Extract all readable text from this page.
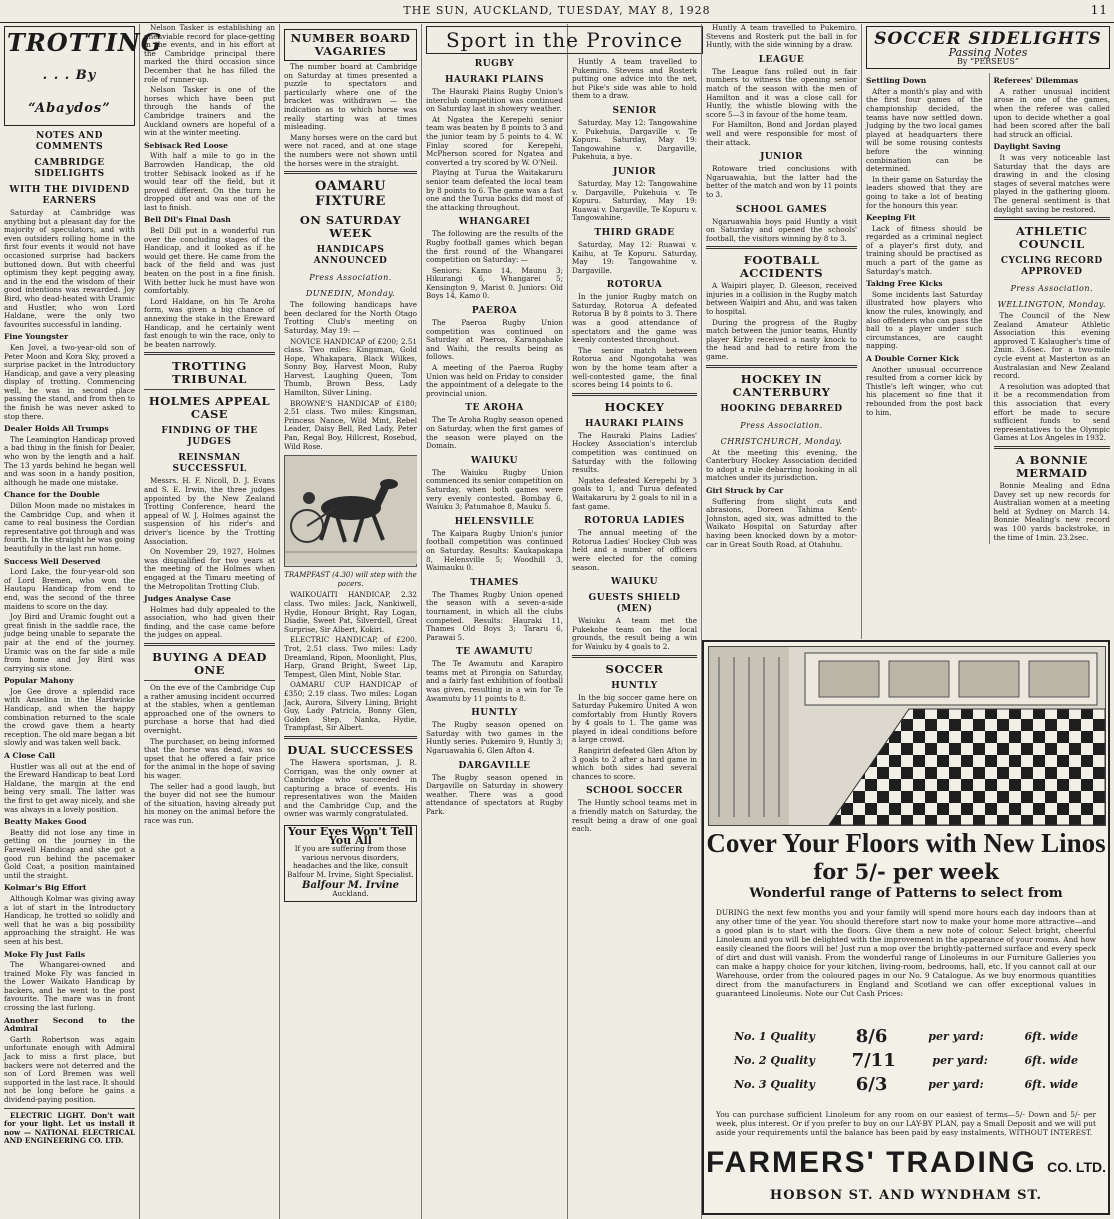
THE SUN, AUCKLAND, TUESDAY, MAY 8, 1928	11
TROTTING . . . By “Abaydos”
NOTES AND COMMENTS
CAMBRIDGE SIDELIGHTS
WITH THE DIVIDEND EARNERS

Saturday at Cambridge was anything but a pleasant day for the majority of speculators, and with even outsiders rolling home in the first four events it would not have occasioned surprise had backers buttoned down. But with cheerful optimism they kept pegging away, and in the end the wisdom of their good intentions was rewarded. Joy Bird, who dead-heated with Uramic and Hustler, who won Lord Haldane, were the only two favourites successful in landing.

Fine Youngster

Ken Jovel, a two-year-old son of Peter Moon and Kora Sky, proved a surprise packet in the Introductory Handicap, and gave a very pleasing display of trotting. Commencing well, he was in second place passing the stand, and from then to the finish he was never asked to stop there.

Dealer Holds All Trumps

The Leamington Handicap proved a bad thing in the finish for Dealer, who won by the length and a half. The 13 yards behind he began well and was soon in a handy position, although he made one mistake.

Chance for the Double

Dillon Moon made no mistakes in the Cambridge Cup, and when it came to real business the Cordian representative got through and was fourth. In the straight he was going beautifully in the last run home.

Success Well Deserved

Lord Lake, the four-year-old son of Lord Bremen, who won the Hautapu Handicap from end to end, was the second of the three maidens to score on the day.

Joy Bird and Uramic fought out a great finish in the saddle race, the judge being unable to separate the pair at the end of the journey. Uramic was on the far side a mile from home and Joy Bird was carrying six stone.

Popular Mahony

Joe Gee drove a splendid race with Anselina in the Hardwicke Handicap, and when the happy combination returned to the scale the crowd gave them a hearty reception. The old mare began a bit slowly and was taken well back.

A Close Call

Hustler was all out at the end of the Ereward Handicap to beat Lord Haldane, the margin at the end being very small. The latter was the first to get away nicely, and she was always in a lovely position.

Beatty Makes Good

Beatty did not lose any time in getting on the journey in the Farewell Handicap and she got a good run behind the pacemaker Gold Coat, a position maintained until the straight.

Kolmar's Big Effort

Although Kolmar was giving away a lot of start in the Introductory Handicap, he trotted so solidly and well that he was a big possibility approaching the straight. He was seen at his best.

Moke Fly Just Fails

The Whangarei-owned and trained Moke Fly was fancied in the Lower Waikato Handicap by backers, and he went to the post favourite. The mare was in front crossing the last furlong.

Another Second to the Admiral

Garth Robertson was again unfortunate enough with Admiral Jack to miss a first place, but backers were not deterred and the son of Lord Bremen was well supported in the last race. It should not be long before he gains a dividend-paying position.

ELECTRIC LIGHT. Don't wait for your light. Let us install it now — NATIONAL ELECTRICAL AND ENGINEERING CO. LTD.

Nelson Tasker is establishing an unenviable record for place-getting in the events, and in his effort at the Cambridge principal there marked the third occasion since December that he has filled the role of runner-up.

Nelson Tasker is one of the horses which have been put through the hands of the Cambridge trainers and the Auckland owners are hopeful of a win at the winter meeting.

Sebisack Red Loose

With half a mile to go in the Barrowden Handicap, the old trotter Sebisack looked as if he would tear off the field, but it proved different. On the turn he dropped out and was one of the last to finish.

Bell Dil's Final Dash

Bell Dill put in a wonderful run over the concluding stages of the Handicap, and it looked as if he would get there. He came from the back of the field and was just beaten on the post in a fine finish. With better luck he must have won comfortably.

Lord Haldane, on his Te Aroha form, was given a big chance of annexing the stake in the Ereward Handicap, and he certainly went fast enough to win the race, only to be beaten narrowly.

TROTTING TRIBUNAL
HOLMES APPEAL CASE
FINDING OF THE JUDGES
REINSMAN SUCCESSFUL

Messrs. H. F. Nicoll, D. J. Evans and S. E. Irwin, the three judges appointed by the New Zealand Trotting Conference, heard the appeal of W. J. Holmes against the suspension of his rider's and driver's licence by the Trotting Association.

On November 29, 1927, Holmes was disqualified for two years at the meeting of the Holmes when engaged at the Timaru meeting of the Metropolitan Trotting Club.

Judges Analyse Case

Holmes had duly appealed to the association, who had given their finding, and the case came before the judges on appeal.

BUYING A DEAD ONE

On the eve of the Cambridge Cup a rather amusing incident occurred at the stables, when a gentleman approached one of the owners to purchase a horse that had died overnight.

The purchaser, on being informed that the horse was dead, was so upset that he offered a fair price for the animal in the hope of saving his wager.

The seller had a good laugh, but the buyer did not see the humour of the situation, having already put his money on the animal before the race was run.

NUMBER BOARD VAGARIES

The number board at Cambridge on Saturday at times presented a puzzle to spectators and particularly where one of the bracket was withdrawn — the indication as to which horse was really starting was at times misleading.

Many horses were on the card but were not raced, and at one stage the numbers were not shown until the horses were in the straight.

OAMARU FIXTURE
ON SATURDAY WEEK
HANDICAPS ANNOUNCED
Press Association.
DUNEDIN, Monday.

The following handicaps have been declared for the North Otago Trotting Club's meeting on Saturday, May 19: —

NOVICE HANDICAP of £200; 2.51 class. Two miles: Kingsman, Gold Hope, Whakapara, Black Wilkes, Sonny Boy, Harvest Moon, Ruby Harvest, Laughing Queen, Tom Thumb, Brown Bess, Lady Hamilton, Silver Lining.

BROWNE'S HANDICAP of £180; 2.51 class. Two miles: Kingsman, Princess Nance, Wild Mint, Rebel Leader, Daisy Bell, Red Lady, Peter Pan, Regal Boy, Hillcrest, Rosebud, Wild Rose.

TRAMPFAST (4.30) will step with the pacers.

WAIKOUAITI HANDICAP, 2.32 class. Two miles: Jack, Nankiwell, Hydie, Honour Bright, Ray Logan, Diadie, Sweet Pat, Silverdell, Great Surprise, Sir Albert, Kokiri.

ELECTRIC HANDICAP, of £200. Trot, 2.51 class. Two miles: Lady Dreamland, Ripon, Moonlight, Plus, Harp, Grand Bright, Sweet Lip, Tempest, Glen Mint, Noble Star.

OAMARU CUP HANDICAP of £350; 2.19 class. Two miles: Logan Jack, Aurora, Silvery Lining, Bright Guy, Lady Patricia, Bonny Glen, Golden Step, Nanka, Hydie, Trampfast, Sir Albert.

DUAL SUCCESSES

The Hawera sportsman, J. R. Corrigan, was the only owner at Cambridge who succeeded in capturing a brace of events. His representatives won the Maiden and the Cambridge Cup, and the owner was warmly congratulated.

Your Eyes Won't Tell You All

If you are suffering from those various nervous disorders, headaches and the like, consult Balfour M. Irvine, Sight Specialist.

Balfour M. Irvine
Auckland.
Sport in the Province
RUGBY
HAURAKI PLAINS

The Hauraki Plains Rugby Union's interclub competition was continued on Saturday last in showery weather.

At Ngatea the Kerepehi senior team was beaten by 8 points to 3 and the junior team by 5 points to 4. W. Finlay scored for Kerepehi, McPherson scored for Ngatea and converted a try scored by W. O'Neil.

Playing at Turua the Waitakaruru senior team defeated the local team by 8 points to 6. The game was a fast one and the Turua backs did most of the attacking throughout.

WHANGAREI

The following are the results of the Rugby football games which began the first round of the Whangarei competition on Saturday: —

Seniors: Kamo 14, Maunu 3; Hikurangi 6, Whangarei 5; Kensington 9, Marist 0. Juniors: Old Boys 14, Kamo 0.

PAEROA

The Paeroa Rugby Union competition was continued on Saturday at Paeroa, Karangahake and Waihi, the results being as follows.

A meeting of the Paeroa Rugby Union was held on Friday to consider the appointment of a delegate to the provincial union.

TE AROHA

The Te Aroha Rugby season opened on Saturday, when the first games of the season were played on the Domain.

WAIUKU

The Waiuku Rugby Union commenced its senior competition on Saturday, when both games were very evenly contested. Bombay 6, Waiuku 3; Patumahoe 8, Mauku 5.

HELENSVILLE

The Kaipara Rugby Union's junior football competition was continued on Saturday. Results: Kaukapakapa 8, Helensville 5; Woodhill 3, Waimauku 0.

THAMES

The Thames Rugby Union opened the season with a seven-a-side tournament, in which all the clubs competed. Results: Hauraki 11, Thames Old Boys 3; Tararu 6, Parawai 5.

TE AWAMUTU

The Te Awamutu and Karapiro teams met at Pirongia on Saturday, and a fairly fast exhibition of football was given, resulting in a win for Te Awamutu by 11 points to 8.

HUNTLY

The Rugby season opened on Saturday with two games in the Huntly series. Pukemiro 9, Huntly 3; Ngaruawahia 6, Glen Afton 4.

DARGAVILLE

The Rugby season opened in Dargaville on Saturday in showery weather. There was a good attendance of spectators at Rugby Park.

Huntly A team travelled to Pukemiro. Stevens and Rosterk putting one advice into the net, but Pike's side was able to hold them to a draw.

SENIOR

Saturday, May 12: Tangowahine v. Pukehuia, Dargaville v. Te Kopuru. Saturday, May 19: Tangowahine v. Dargaville, Pukehuia, a bye.

JUNIOR

Saturday, May 12: Tangowahine v. Dargaville, Pukehuia v. Te Kopuru. Saturday, May 19: Ruawai v. Dargaville, Te Kopuru v. Tangowahine.

THIRD GRADE

Saturday, May 12: Ruawai v. Kaihu, at Te Kopuru. Saturday, May 19: Tangowahine v. Dargaville.

ROTORUA

In the junior Rugby match on Saturday, Rotorua A defeated Rotorua B by 8 points to 3. There was a good attendance of spectators and the game was keenly contested throughout.

The senior match between Rotorua and Ngongotaha was won by the home team after a well-contested game, the final scores being 14 points to 6.

HOCKEY
HAURAKI PLAINS

The Hauraki Plains Ladies' Hockey Association's interclub competition was continued on Saturday with the following results.

Ngatea defeated Kerepehi by 3 goals to 1, and Turua defeated Waitakaruru by 2 goals to nil in a fast game.

ROTORUA LADIES

The annual meeting of the Rotorua Ladies' Hockey Club was held and a number of officers were elected for the coming season.

WAIUKU
GUESTS SHIELD (MEN)

Waiuku A team met the Pukekohe team on the local grounds, the result being a win for Waiuku by 4 goals to 2.

SOCCER
HUNTLY

In the big soccer game here on Saturday Pukemiro United A won comfortably from Huntly Rovers by 4 goals to 1. The game was played in ideal conditions before a large crowd.

Rangiriri defeated Glen Afton by 3 goals to 2 after a hard game in which both sides had several chances to score.

SCHOOL SOCCER

The Huntly school teams met in a friendly match on Saturday, the result being a draw of one goal each.

Huntly A team travelled to Pukemiro. Stevens and Rosterk put the ball in for Huntly, with the side winning by a draw.

LEAGUE

The League fans rolled out in fair numbers to witness the opening senior match of the season with the men of Hamilton and it was a close call for Huntly, the whistle blowing with the score 5—3 in favour of the home team.

For Hamilton, Bond and Jordan played well and were responsible for most of their attack.

JUNIOR

Rotoware tried conclusions with Ngaruawahia, but the latter had the better of the match and won by 11 points to 3.

SCHOOL GAMES

Ngaruawahia boys paid Huntly a visit on Saturday and opened the schools' football, the visitors winning by 8 to 3.

FOOTBALL ACCIDENTS

A Waipiri player, D. Gleeson, received injuries in a collision in the Rugby match between Waipiri and Ahu, and was taken to hospital.

During the progress of the Rugby match between the junior teams, Huntly player Kirby received a nasty knock to the head and had to retire from the game.

HOCKEY IN CANTERBURY
HOOKING DEBARRED
Press Association.
CHRISTCHURCH, Monday.

At the meeting this evening, the Canterbury Hockey Association decided to adopt a rule debarring hooking in all matches under its jurisdiction.

Girl Struck by Car

Suffering from slight cuts and abrasions, Doreen Tahima Kent-Johnston, aged six, was admitted to the Waikato Hospital on Saturday after having been knocked down by a motor-car in Great South Road, at Otahuhu.

SOCCER SIDELIGHTS
Passing Notes
By “PERSEUS”
Settling Down

After a month's play and with the first four games of the championship decided, the teams have now settled down. Judging by the two local games played at headquarters there will be some rousing contests before the winning combination can be determined.

In their game on Saturday the leaders showed that they are going to take a lot of beating for the honours this year.

Keeping Fit

Lack of fitness should be regarded as a criminal neglect of a player's first duty, and training should be practised as much a part of the game as Saturday's match.

Taking Free Kicks

Some incidents last Saturday illustrated how players who know the rules, knowingly, and also offenders who can pass the ball to a player under such circumstances, are caught napping.

A Double Corner Kick

Another unusual occurrence resulted from a corner kick by Thistle's left winger, who cut his placement so fine that it rebounded from the post back to him.

Referees' Dilemmas

A rather unusual incident arose in one of the games, when the referee was called upon to decide whether a goal had been scored after the ball had struck an official.

Daylight Saving

It was very noticeable last Saturday that the days are drawing in and the closing stages of several matches were played in the gathering gloom. The general sentiment is that daylight saving be restored.

ATHLETIC COUNCIL
CYCLING RECORD APPROVED
Press Association.
WELLINGTON, Monday.

The Council of the New Zealand Amateur Athletic Association this evening approved T. Kalaugher's time of 2min. 3.6sec. for a two-mile cycle event at Masterton as an Australasian and New Zealand record.

A resolution was adopted that it be a recommendation from this association that every effort be made to secure sufficient funds to send representatives to the Olympic Games at Los Angeles in 1932.

A BONNIE MERMAID

Bonnie Mealing and Edna Davey set up new records for Australian women at a meeting held at Sydney on March 14. Bonnie Mealing's new record was 100 yards backstroke, in the time of 1min. 23.2sec.

Cover Your Floors with New Linos
for 5/- per week
Wonderful range of Patterns to select from
DURING the next few months you and your family will spend more hours each day indoors than at any other time of the year. You should therefore start now to make your home more attractive—and a good plan is to start with the floors. Give them a new note of colour. Select bright, cheerful Linoleum and you will be delighted with the improvement in the appearance of your rooms. And how easily cleaned the floors will be! Just run a mop over the brightly-patterned surface and every speck of dirt and dust will vanish. From the wonderful range of Linoleums in our Furniture Galleries you can make a happy choice for your kitchen, living-room, bedrooms, hall, etc. If you cannot call at our Warehouse, order from the coloured pages in our No. 9 Catalogue. As we buy enormous quantities direct from the manufacturers in England and Scotland we can offer exceptional values in guaranteed Linoleums. Note our Cut Cash Prices:
No. 1 Quality 8/6	per yard:	6ft. wide
No. 2 Quality 7/11	per yard:	6ft. wide
No. 3 Quality 6/3	per yard:	6ft. wide
You can purchase sufficient Linoleum for any room on our easiest of terms—5/- Down and 5/- per week, plus interest. Or if you prefer to buy on our LAY-BY PLAN, pay a Small Deposit and we will put aside your requirements until the balance has been paid by easy instalments, WITHOUT INTEREST.
FARMERS' TRADING CO. LTD.
HOBSON ST. AND WYNDHAM ST.
